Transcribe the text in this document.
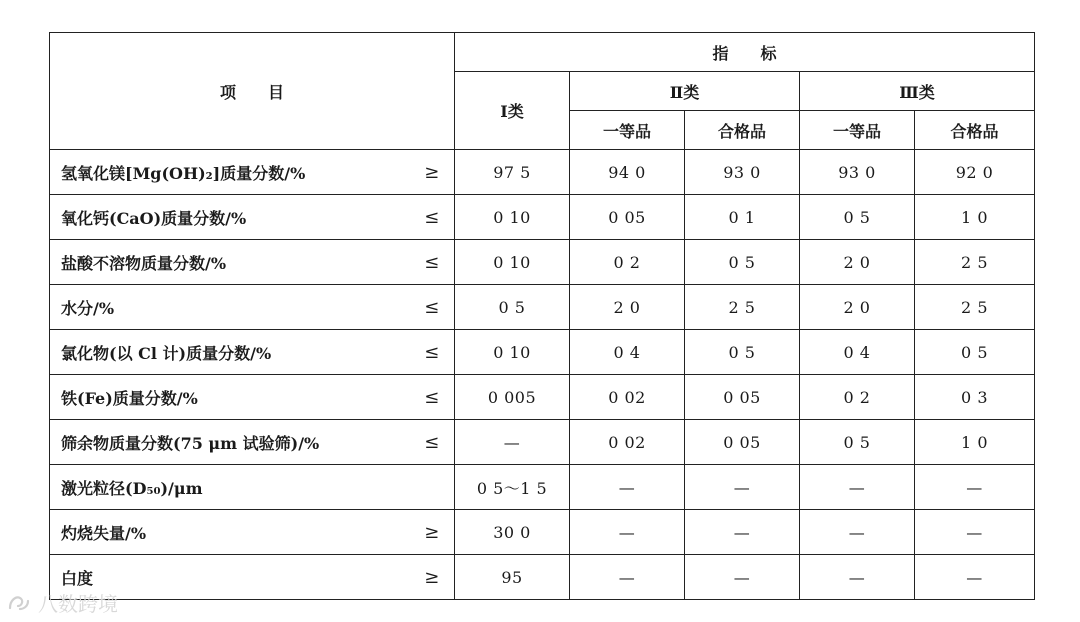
项　　目		指　　标				
		Ⅰ类	Ⅱ类		Ⅲ类	
			一等品	合格品	一等品	合格品
氢氧化镁[Mg(OH)₂]质量分数/%	≥	97 5	94 0	93 0	93 0	92 0
氧化钙(CaO)质量分数/%	≤	0 10	0 05	0 1	0 5	1 0
盐酸不溶物质量分数/%	≤	0 10	0 2	0 5	2 0	2 5
水分/%	≤	0 5	2 0	2 5	2 0	2 5
氯化物(以 Cl 计)质量分数/%	≤	0 10	0 4	0 5	0 4	0 5
铁(Fe)质量分数/%	≤	0 005	0 02	0 05	0 2	0 3
筛余物质量分数(75 μm 试验筛)/%	≤	—	0 02	0 05	0 5	1 0
激光粒径(D₅₀)/μm		0 5～1 5	—	—	—	—
灼烧失量/%	≥	30 0	—	—	—	—
白度	≥	95	—	—	—	—
八数跨境
